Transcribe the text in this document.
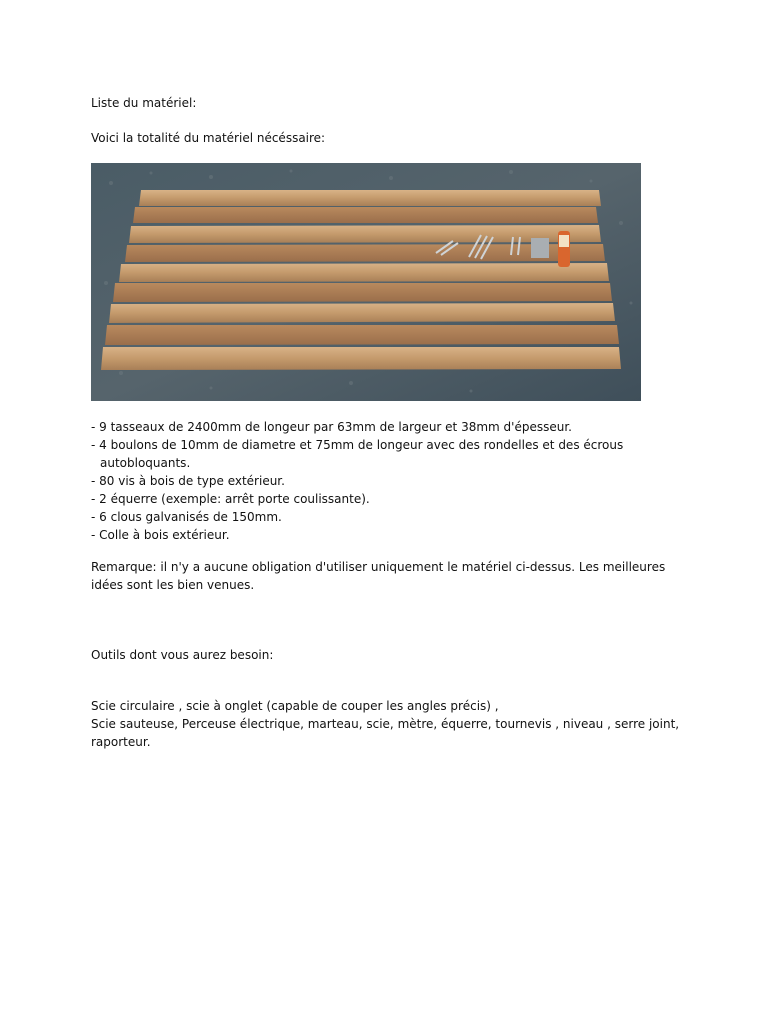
Liste du matériel:
Voici la totalité du matériel nécéssaire:
- 9 tasseaux de 2400mm de longeur par 63mm de largeur et 38mm d'épesseur.
- 4 boulons de 10mm de diametre et 75mm de longeur avec des rondelles et des écrous
autobloquants.
- 80 vis à bois de type extérieur.
- 2 équerre (exemple: arrêt porte coulissante).
- 6 clous galvanisés de 150mm.
- Colle à bois extérieur.
Remarque: il n'y a aucune obligation d'utiliser uniquement le matériel ci-dessus. Les meilleures idées sont les bien venues.
Outils dont vous aurez besoin:
Scie circulaire , scie à onglet (capable de couper les angles précis) ,
Scie sauteuse, Perceuse électrique, marteau, scie, mètre, équerre, tournevis , niveau , serre joint,
raporteur.
